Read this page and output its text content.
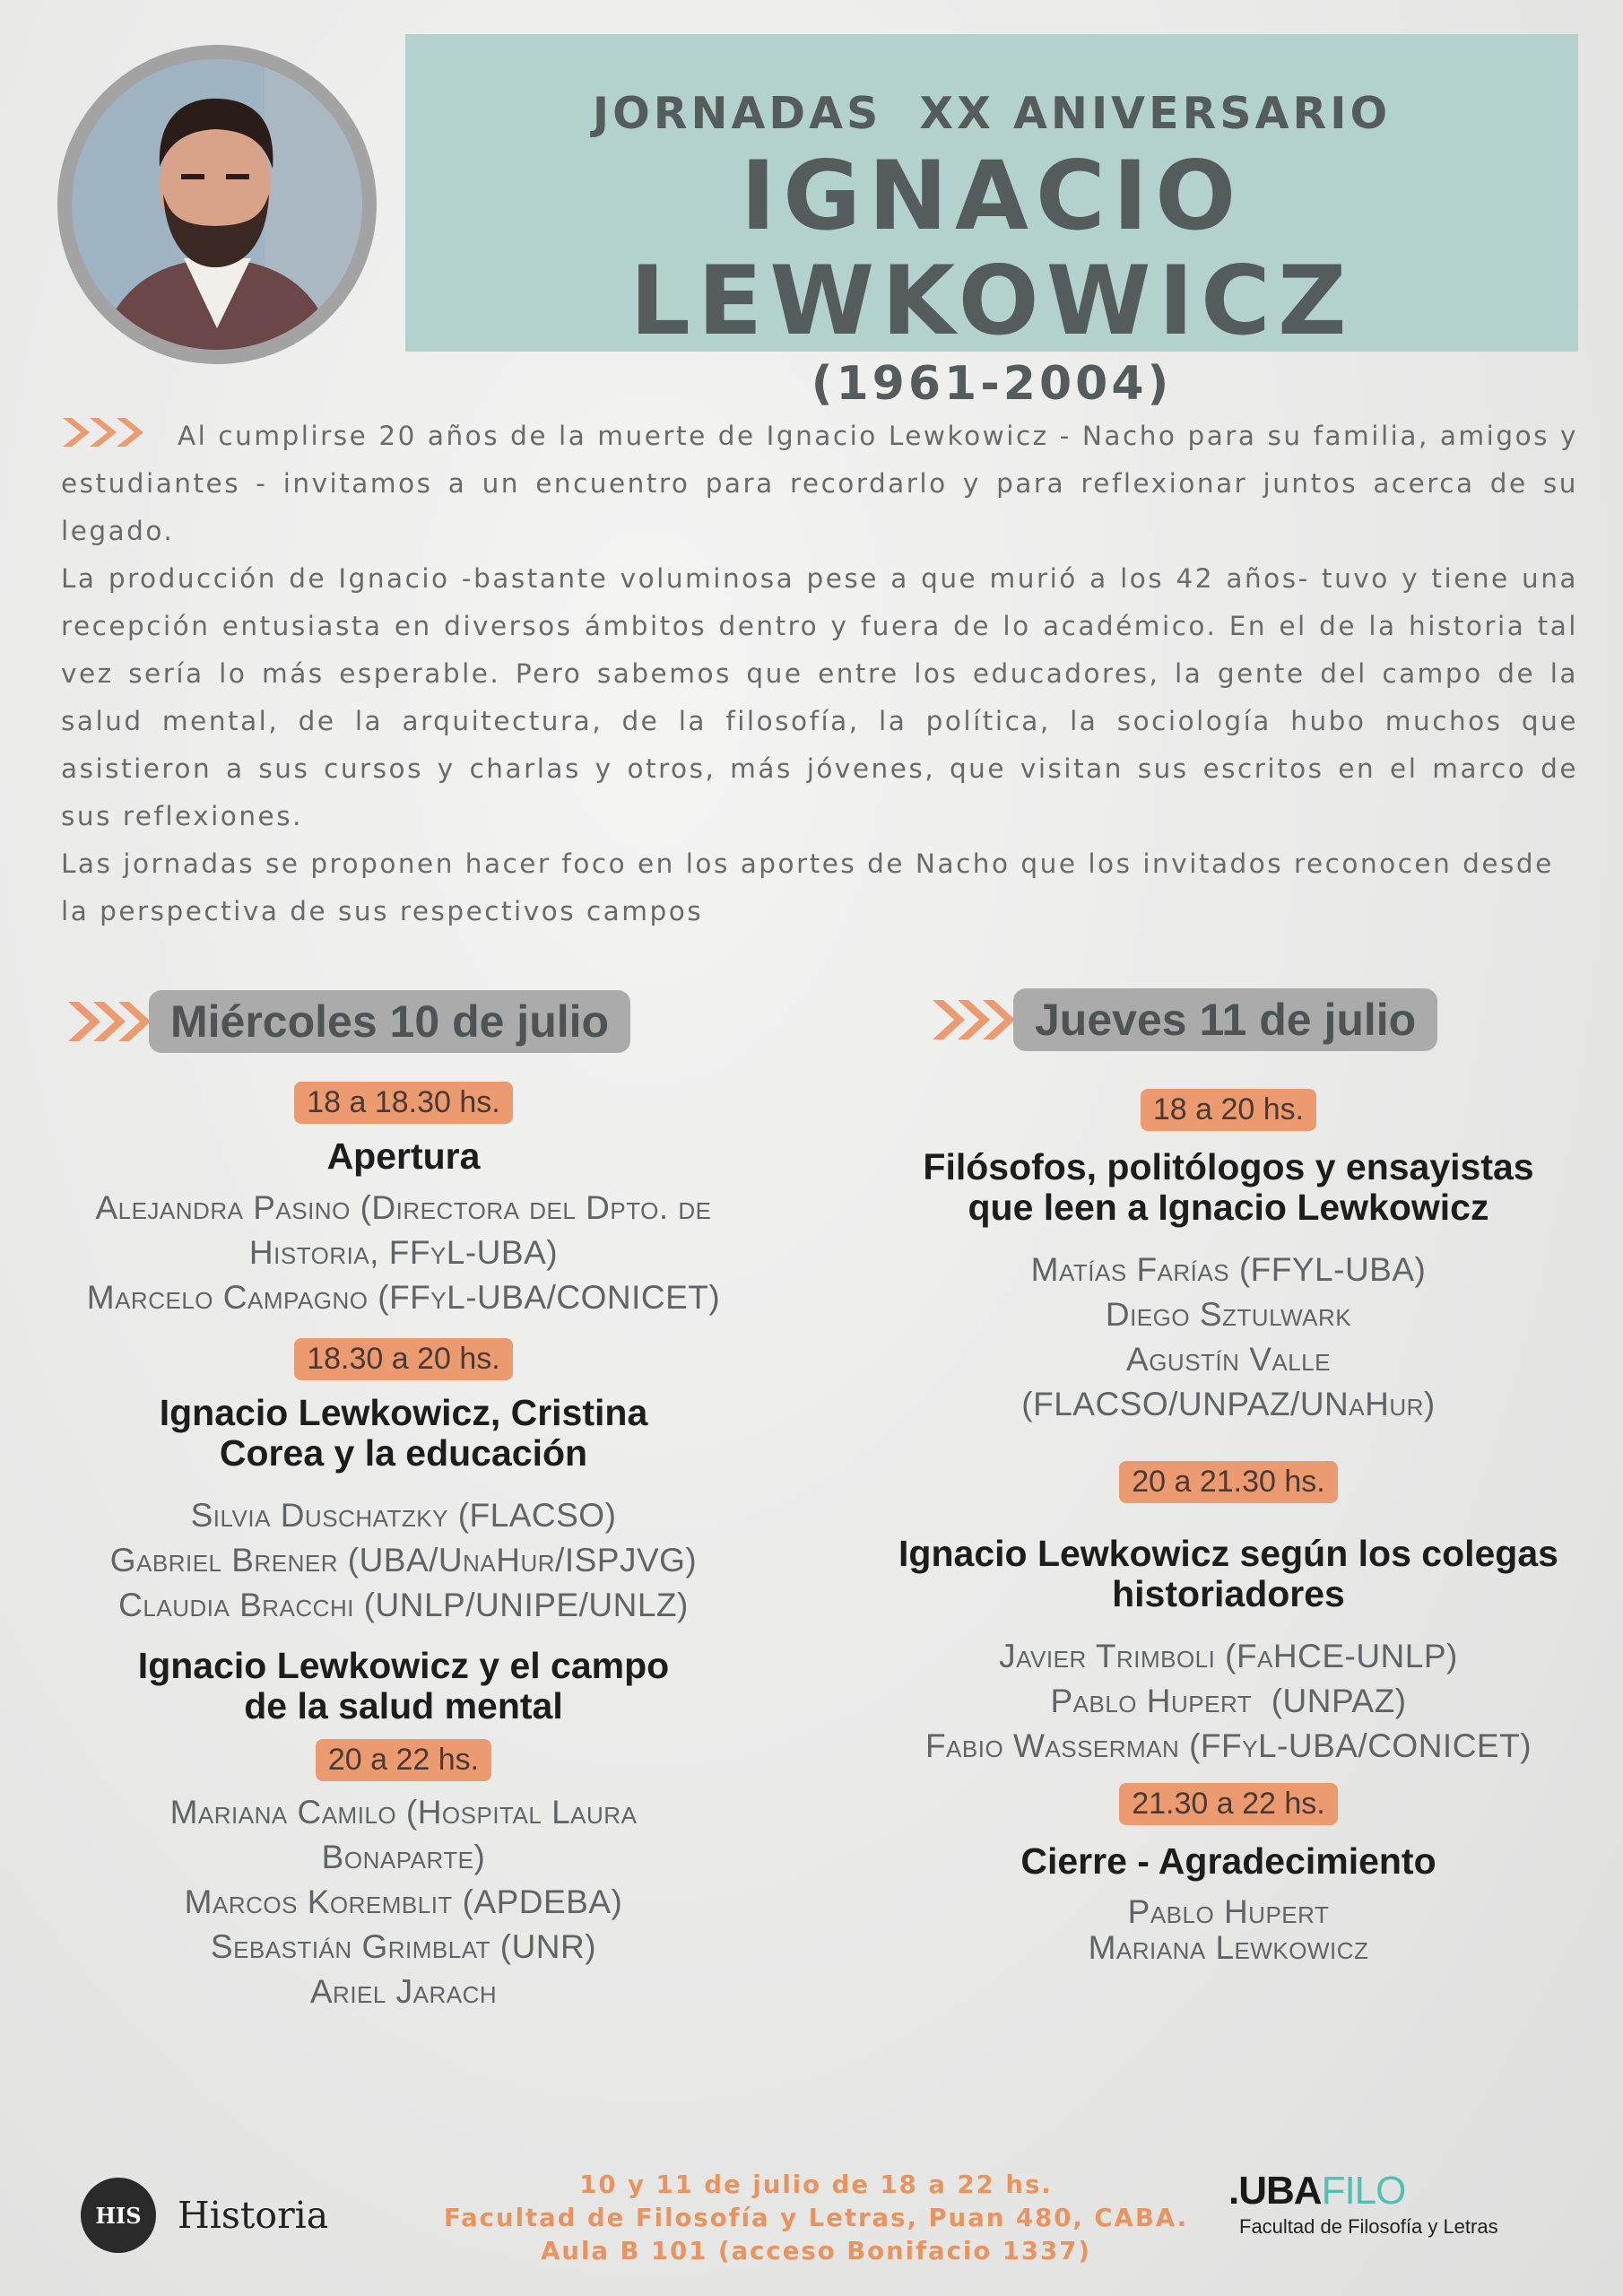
JORNADAS  XX ANIVERSARIO
IGNACIO LEWKOWICZ
(1961-2004)

Al cumplirse 20 años de la muerte de Ignacio Lewkowicz - Nacho para su familia, amigos y estudiantes - invitamos a un encuentro para recordarlo y para reflexionar juntos acerca de su legado.

La producción de Ignacio -bastante voluminosa pese a que murió a los 42 años- tuvo y tiene una recepción entusiasta en diversos ámbitos dentro y fuera de lo académico. En el de la historia tal vez sería lo más esperable. Pero sabemos que entre los educadores, la gente del campo de la salud mental, de la arquitectura, de la filosofía, la política, la sociología hubo muchos que asistieron a sus cursos y charlas y otros, más jóvenes, que visitan sus escritos en el marco de sus reflexiones.

Las jornadas se proponen hacer foco en los aportes de Nacho que los invitados reconocen desde la perspectiva de sus respectivos campos

Miércoles 10 de julio	Jueves 11 de julio
18 a 18.30 hs.
Apertura
Alejandra Pasino (Directora del Dpto. de
Historia, FFyL-UBA)
Marcelo Campagno (FFyL-UBA/CONICET)
18.30 a 20 hs.
Ignacio Lewkowicz, Cristina Corea y la educación
Silvia Duschatzky (FLACSO)
Gabriel Brener (UBA/UnaHur/ISPJVG)
Claudia Bracchi (UNLP/UNIPE/UNLZ)
Ignacio Lewkowicz y el campo de la salud mental
20 a 22 hs.
Mariana Camilo (Hospital Laura
Bonaparte)
Marcos Koremblit (APDEBA)
Sebastián Grimblat (UNR)
Ariel Jarach
18 a 20 hs.
Filósofos, politólogos y ensayistas que leen a Ignacio Lewkowicz
Matías Farías (FFYL-UBA)
Diego Sztulwark
Agustín Valle
(FLACSO/UNPAZ/UNaHur)
20 a 21.30 hs.
Ignacio Lewkowicz según los colegas historiadores
Javier Trimboli (FaHCE-UNLP)
Pablo Hupert  (UNPAZ)
Fabio Wasserman (FFyL-UBA/CONICET)
21.30 a 22 hs.
Cierre - Agradecimiento
Pablo Hupert
Mariana Lewkowicz
HIS Historia
10 y 11 de julio de 18 a 22 hs.
Facultad de Filosofía y Letras, Puan 480, CABA.
Aula B 101 (acceso Bonifacio 1337)
.UBAFILO
Facultad de Filosofía y Letras
